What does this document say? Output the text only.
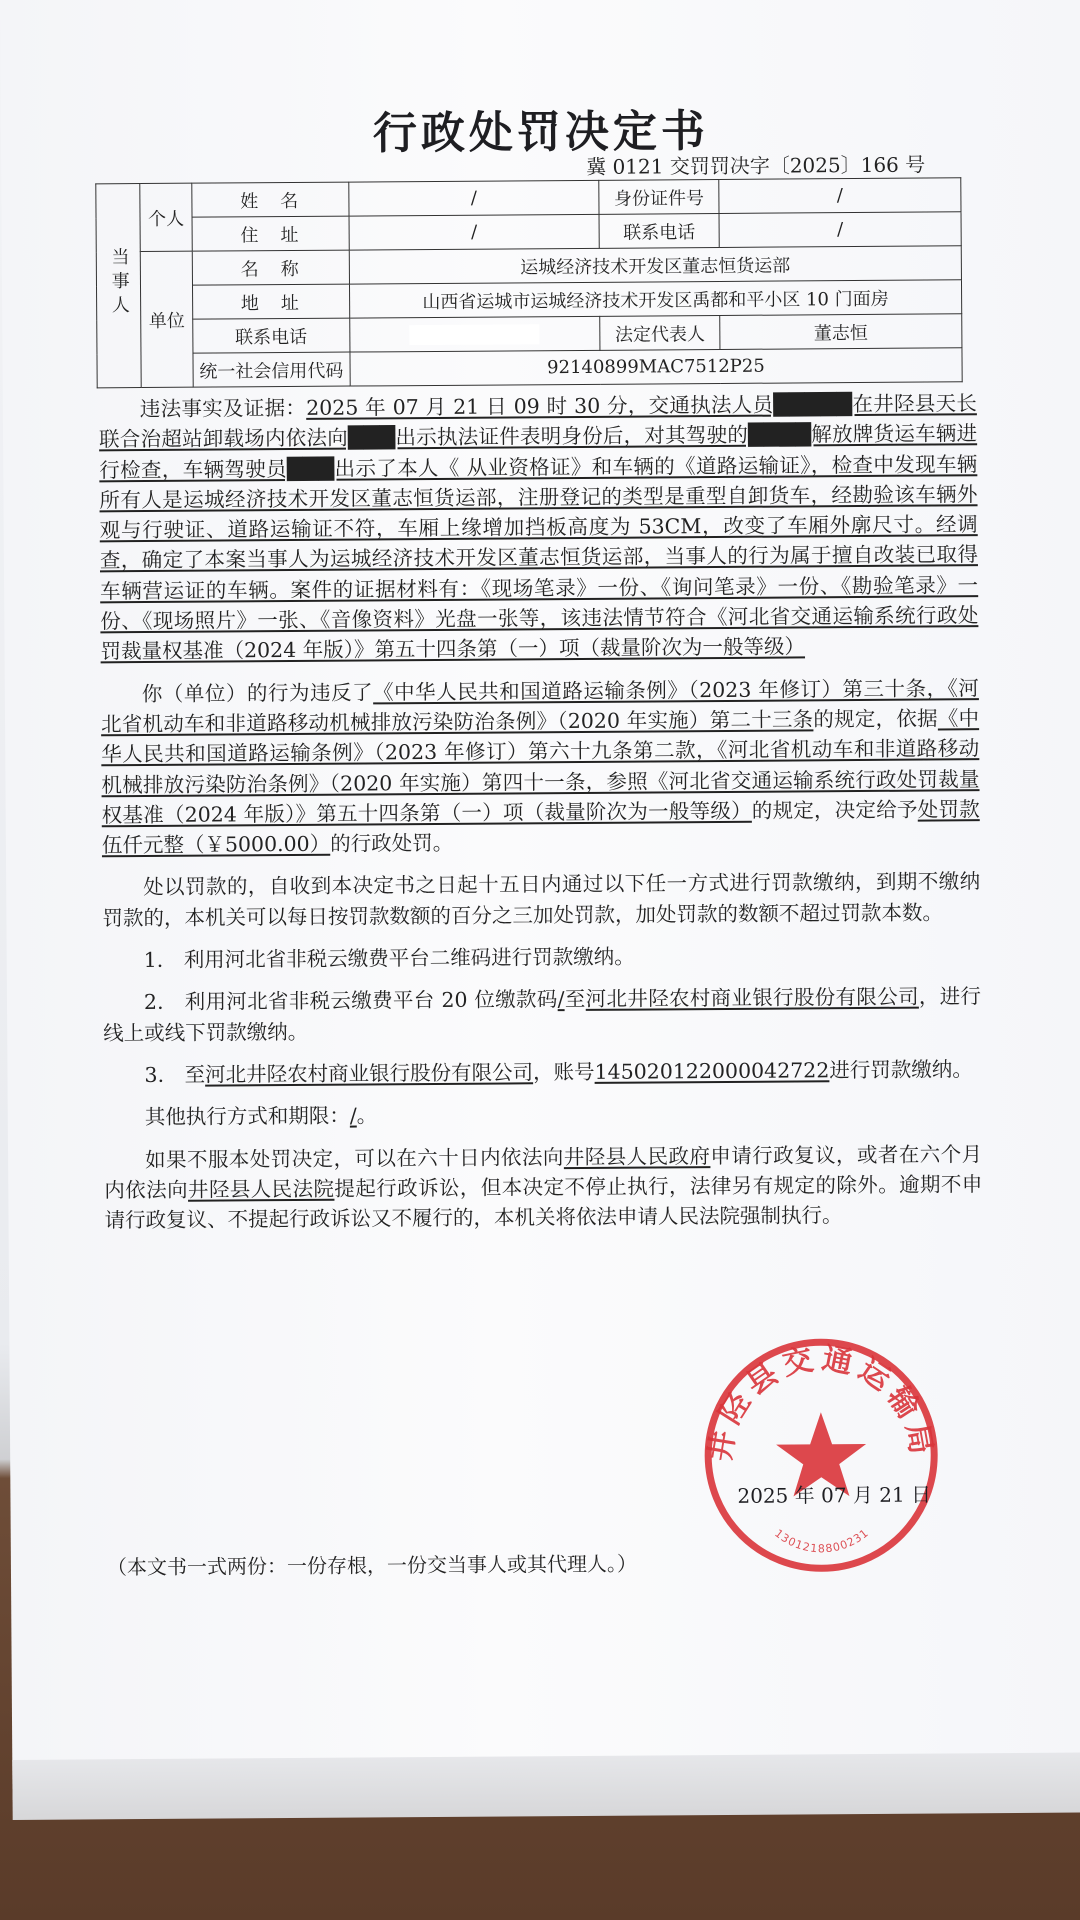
行政处罚决定书
冀 0121 交罚罚决字〔2025〕166 号
当事人	个人	姓　名	/	身份证件号	/
		住　址	/	联系电话	/
	单位	名　称	运城经济技术开发区董志恒货运部		
		地　址	山西省运城市运城经济技术开发区禹都和平小区 10 门面房		
		联系电话		法定代表人	董志恒
		统一社会信用代码	92140899MAC7512P25		

违法事实及证据：2025 年 07 月 21 日 09 时 30 分，交通执法人员█████在井陉县天长联合治超站卸载场内依法向███出示执法证件表明身份后，对其驾驶的████解放牌货运车辆进行检查，车辆驾驶员███出示了本人《 从业资格证》和车辆的《道路运输证》，检查中发现车辆所有人是运城经济技术开发区董志恒货运部，注册登记的类型是重型自卸货车，经勘验该车辆外观与行驶证、道路运输证不符，车厢上缘增加挡板高度为 53CM，改变了车厢外廓尺寸。经调查，确定了本案当事人为运城经济技术开发区董志恒货运部，当事人的行为属于擅自改装已取得车辆营运证的车辆。案件的证据材料有：《现场笔录》一份、《询问笔录》一份、《勘验笔录》一份、《现场照片》一张、《音像资料》光盘一张等，该违法情节符合《河北省交通运输系统行政处罚裁量权基准（2024 年版）》第五十四条第（一）项（裁量阶次为一般等级）

你（单位）的行为违反了《中华人民共和国道路运输条例》（2023 年修订）第三十条，《河北省机动车和非道路移动机械排放污染防治条例》（2020 年实施）第二十三条的规定，依据《中华人民共和国道路运输条例》（2023 年修订）第六十九条第二款，《河北省机动车和非道路移动机械排放污染防治条例》（2020 年实施）第四十一条，参照《河北省交通运输系统行政处罚裁量权基准（2024 年版）》第五十四条第（一）项（裁量阶次为一般等级）的规定，决定给予处罚款伍仟元整（￥5000.00）的行政处罚。

处以罚款的，自收到本决定书之日起十五日内通过以下任一方式进行罚款缴纳，到期不缴纳罚款的，本机关可以每日按罚款数额的百分之三加处罚款，加处罚款的数额不超过罚款本数。

1.　利用河北省非税云缴费平台二维码进行罚款缴纳。

2.　利用河北省非税云缴费平台 20 位缴款码/至河北井陉农村商业银行股份有限公司，进行线上或线下罚款缴纳。

3.　至河北井陉农村商业银行股份有限公司，账号145020122000042722进行罚款缴纳。

其他执行方式和期限：/。

如果不服本处罚决定，可以在六十日内依法向井陉县人民政府申请行政复议，或者在六个月内依法向井陉县人民法院提起行政诉讼，但本决定不停止执行，法律另有规定的除外。逾期不申请行政复议、不提起行政诉讼又不履行的，本机关将依法申请人民法院强制执行。

井陉县交通运输局
1301218800231
2025 年 07 月 21 日
（本文书一式两份：一份存根，一份交当事人或其代理人。）
